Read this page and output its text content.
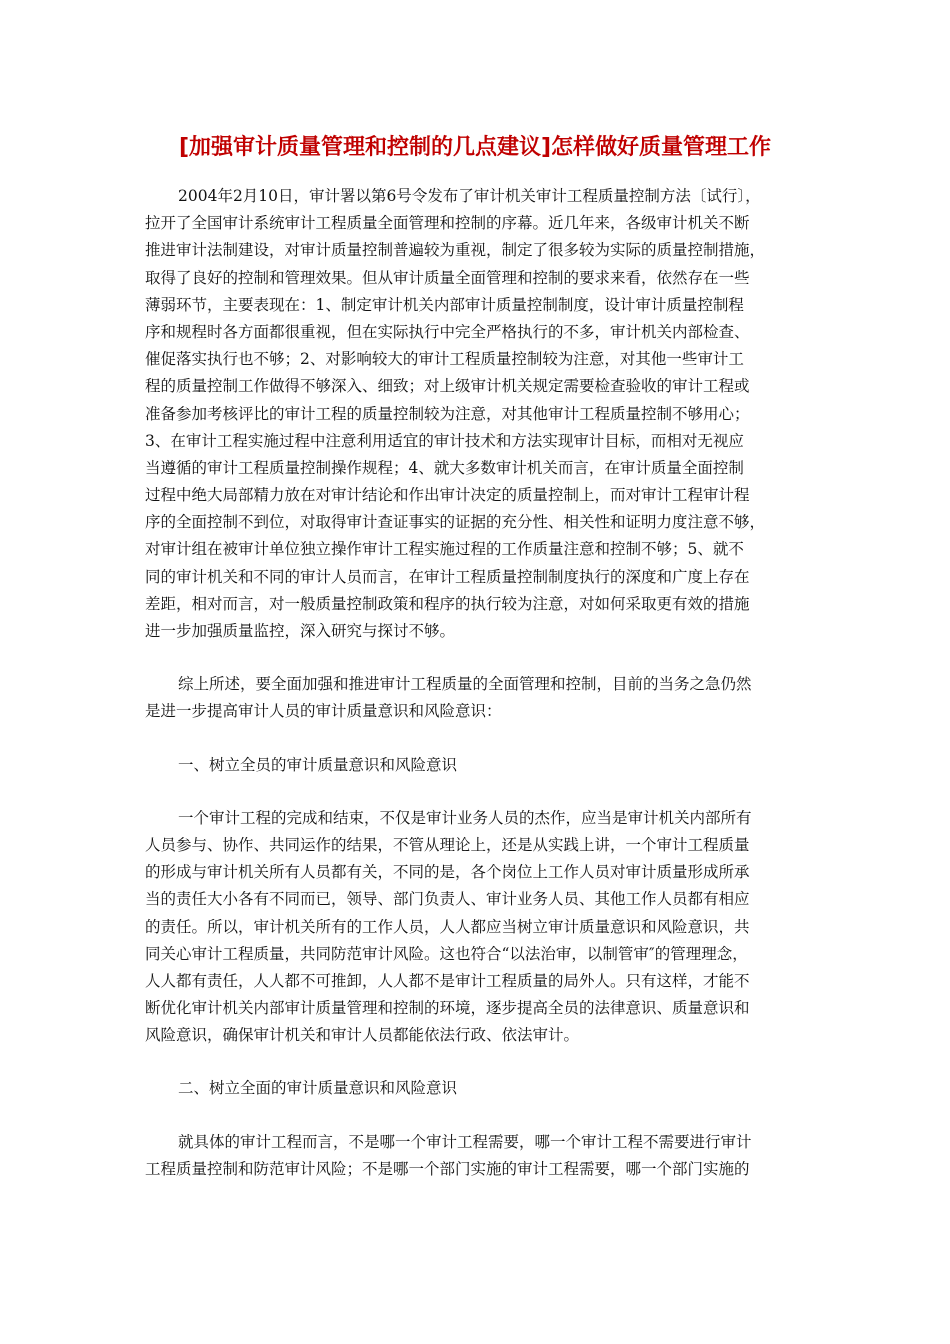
[加强审计质量管理和控制的几点建议]怎样做好质量管理工作
2004年2月10日，审计署以第6号令发布了审计机关审计工程质量控制方法〔试行〕，
拉开了全国审计系统审计工程质量全面管理和控制的序幕。近几年来，各级审计机关不断
推进审计法制建设，对审计质量控制普遍较为重视，制定了很多较为实际的质量控制措施，
取得了良好的控制和管理效果。但从审计质量全面管理和控制的要求来看，依然存在一些
薄弱环节，主要表现在：1、制定审计机关内部审计质量控制制度，设计审计质量控制程
序和规程时各方面都很重视，但在实际执行中完全严格执行的不多，审计机关内部检查、
催促落实执行也不够；2、对影响较大的审计工程质量控制较为注意，对其他一些审计工
程的质量控制工作做得不够深入、细致；对上级审计机关规定需要检查验收的审计工程或
准备参加考核评比的审计工程的质量控制较为注意，对其他审计工程质量控制不够用心；
3、在审计工程实施过程中注意利用适宜的审计技术和方法实现审计目标，而相对无视应
当遵循的审计工程质量控制操作规程；4、就大多数审计机关而言，在审计质量全面控制
过程中绝大局部精力放在对审计结论和作出审计决定的质量控制上，而对审计工程审计程
序的全面控制不到位，对取得审计查证事实的证据的充分性、相关性和证明力度注意不够，
对审计组在被审计单位独立操作审计工程实施过程的工作质量注意和控制不够；5、就不
同的审计机关和不同的审计人员而言，在审计工程质量控制制度执行的深度和广度上存在
差距，相对而言，对一般质量控制政策和程序的执行较为注意，对如何采取更有效的措施
进一步加强质量监控，深入研究与探讨不够。
综上所述，要全面加强和推进审计工程质量的全面管理和控制，目前的当务之急仍然
是进一步提高审计人员的审计质量意识和风险意识：
一、树立全员的审计质量意识和风险意识
一个审计工程的完成和结束，不仅是审计业务人员的杰作，应当是审计机关内部所有
人员参与、协作、共同运作的结果，不管从理论上，还是从实践上讲，一个审计工程质量
的形成与审计机关所有人员都有关，不同的是，各个岗位上工作人员对审计质量形成所承
当的责任大小各有不同而已，领导、部门负责人、审计业务人员、其他工作人员都有相应
的责任。所以，审计机关所有的工作人员，人人都应当树立审计质量意识和风险意识，共
同关心审计工程质量，共同防范审计风险。这也符合“以法治审，以制管审″的管理理念，
人人都有责任，人人都不可推卸，人人都不是审计工程质量的局外人。只有这样，才能不
断优化审计机关内部审计质量管理和控制的环境，逐步提高全员的法律意识、质量意识和
风险意识，确保审计机关和审计人员都能依法行政、依法审计。
二、树立全面的审计质量意识和风险意识
就具体的审计工程而言，不是哪一个审计工程需要，哪一个审计工程不需要进行审计
工程质量控制和防范审计风险；不是哪一个部门实施的审计工程需要，哪一个部门实施的
